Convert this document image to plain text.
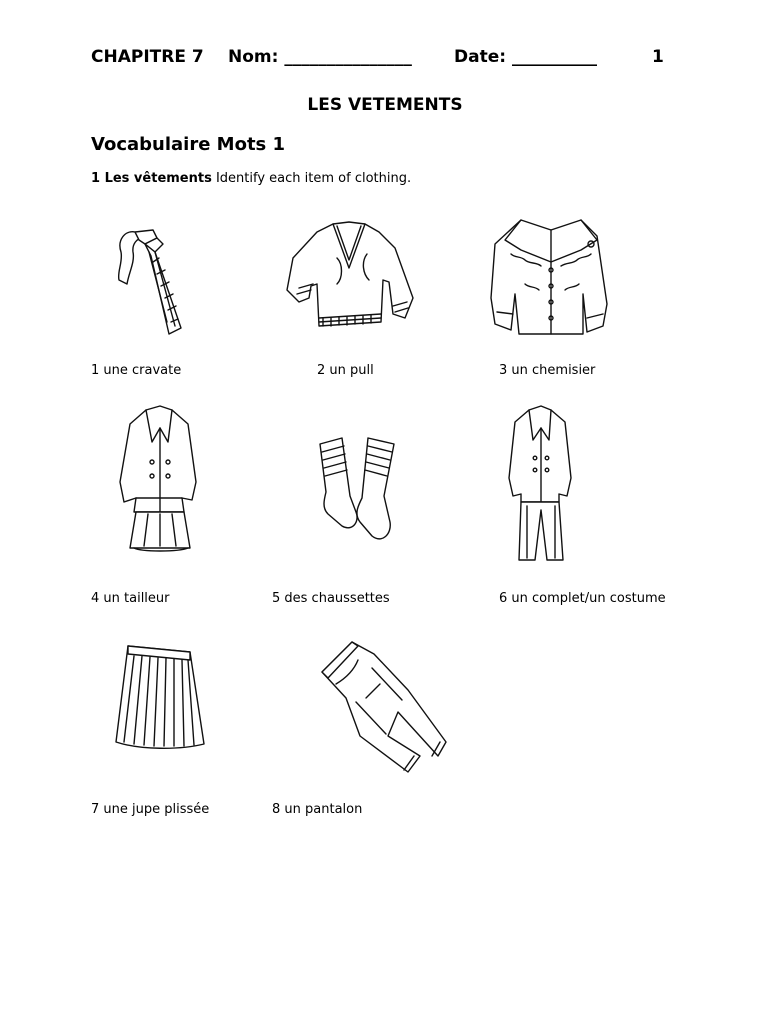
CHAPITRE 7 Nom: _______________ Date: __________	1
LES VETEMENTS
Vocabulaire Mots 1
1 Les vêtements Identify each item of clothing.
1 une cravate	2 un pull	3 un chemisier
4 un tailleur	5 des chaussettes	6 un complet/un costume
7 une jupe plissée	8 un pantalon
